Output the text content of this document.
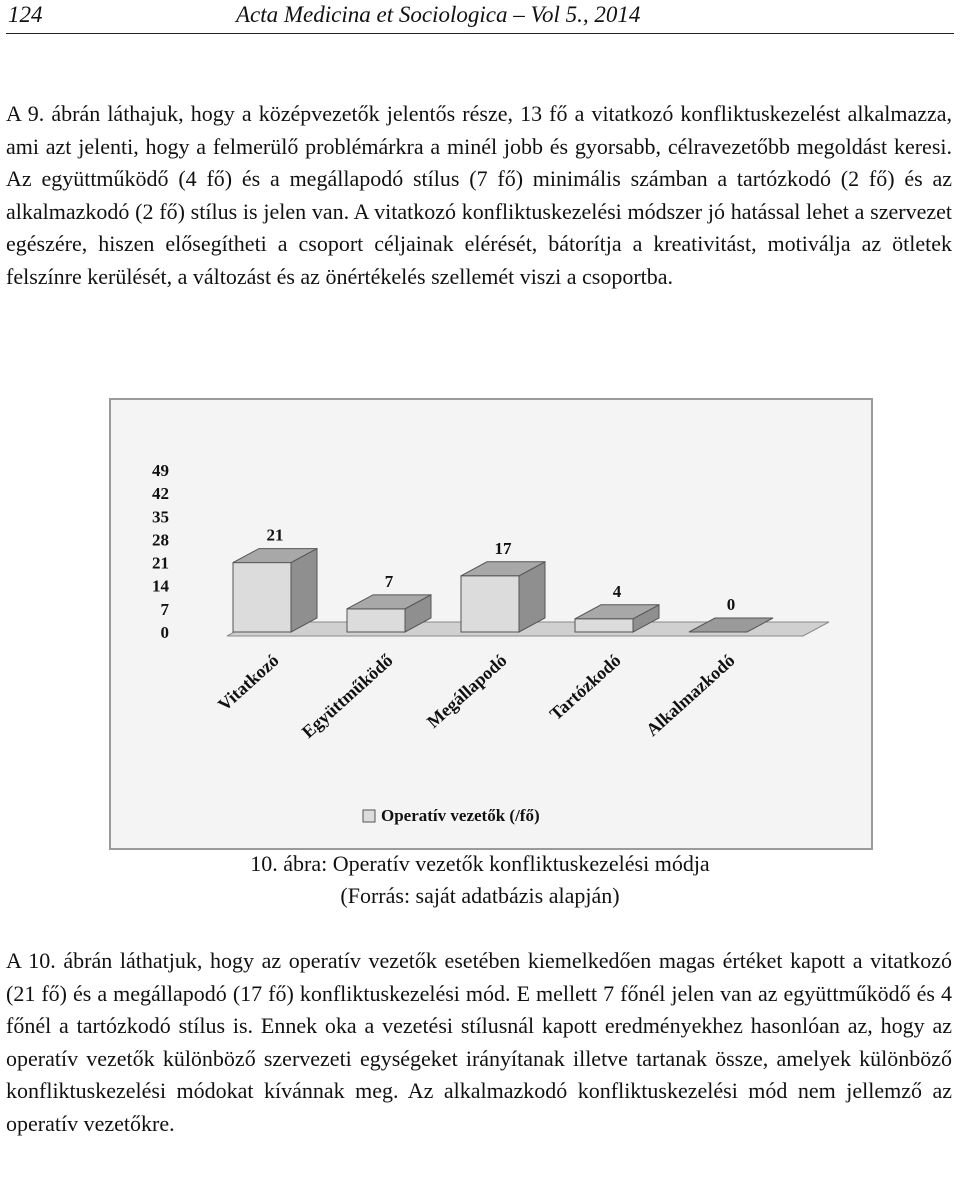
124	Acta Medicina et Sociologica – Vol 5., 2014
A 9. ábrán láthajuk, hogy a középvezetők jelentős része, 13 fő a vitatkozó konfliktuskezelést alkalmazza, ami azt jelenti, hogy a felmerülő problémárkra a minél jobb és gyorsabb, célravezetőbb megoldást keresi. Az együttműködő (4 fő) és a megállapodó stílus (7 fő) minimális számban a tartózkodó (2 fő) és az alkalmazkodó (2 fő) stílus is jelen van. A vitatkozó konfliktuskezelési módszer jó hatással lehet a szervezet egészére, hiszen elősegítheti a csoport céljainak elérését, bátorítja a kreativitást, motiválja az ötletek felszínre kerülését, a változást és az önértékelés szellemét viszi a csoportba.
49
42
35
28
21
14
7
0
21
Vitatkozó
7
Együttműködő
17
Megállapodó
4
Tartózkodó
0
Alkalmazkodó
Operatív vezetők (/fő)
10. ábra: Operatív vezetők konfliktuskezelési módja
(Forrás: saját adatbázis alapján)
A 10. ábrán láthatjuk, hogy az operatív vezetők esetében kiemelkedően magas értéket kapott a vitatkozó (21 fő) és a megállapodó (17 fő) konfliktuskezelési mód. E mellett 7 főnél jelen van az együttműködő és 4 főnél a tartózkodó stílus is. Ennek oka a vezetési stílusnál kapott eredményekhez hasonlóan az, hogy az operatív vezetők különböző szervezeti egységeket irányítanak illetve tartanak össze, amelyek különböző konfliktuskezelési módokat kívánnak meg. Az alkalmazkodó konfliktuskezelési mód nem jellemző az operatív vezetőkre.
